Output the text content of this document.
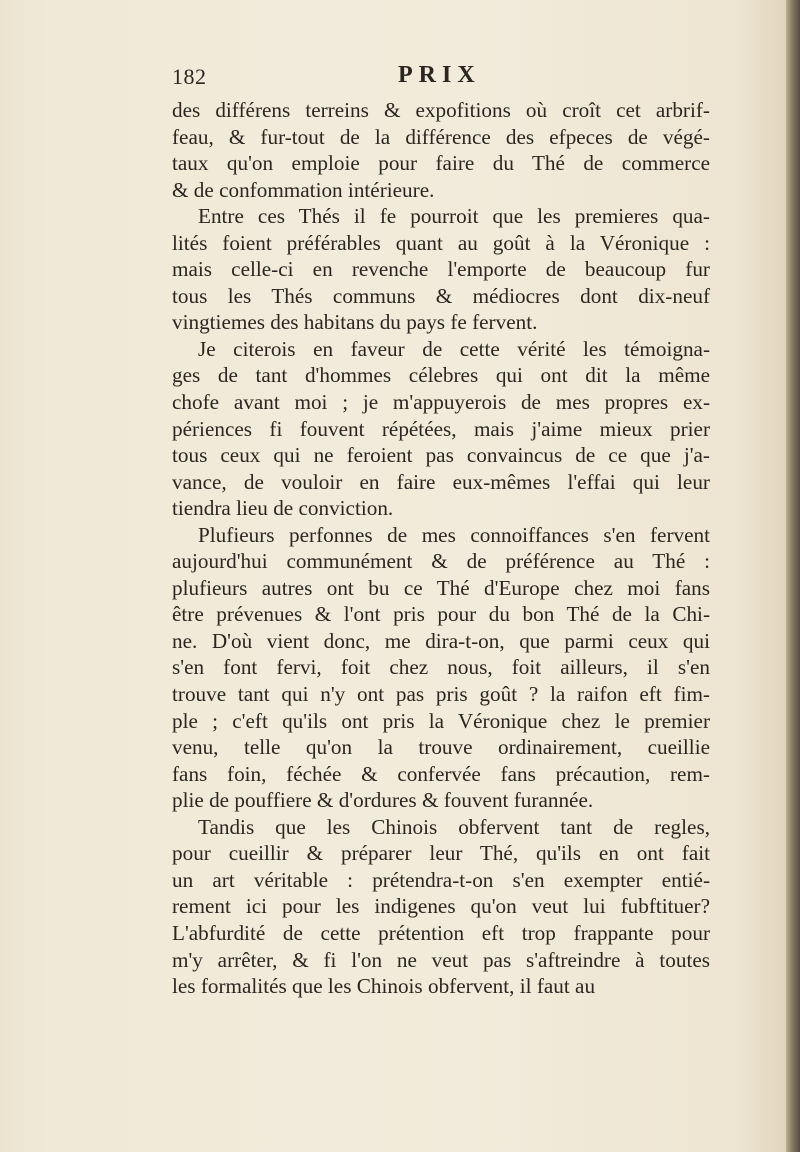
182	PRIX
des différens terreins & expofitions où croît cet arbrif-
feau, & fur-tout de la différence des efpeces de végé-
taux qu'on emploie pour faire du Thé de commerce
& de confommation intérieure.
Entre ces Thés il fe pourroit que les premieres qua-
lités foient préférables quant au goût à la Véronique :
mais celle-ci en revenche l'emporte de beaucoup fur
tous les Thés communs & médiocres dont dix-neuf
vingtiemes des habitans du pays fe fervent.
Je citerois en faveur de cette vérité les témoigna-
ges de tant d'hommes célebres qui ont dit la même
chofe avant moi ; je m'appuyerois de mes propres ex-
périences fi fouvent répétées, mais j'aime mieux prier
tous ceux qui ne feroient pas convaincus de ce que j'a-
vance, de vouloir en faire eux-mêmes l'effai qui leur
tiendra lieu de conviction.
Plufieurs perfonnes de mes connoiffances s'en fervent
aujourd'hui communément & de préférence au Thé :
plufieurs autres ont bu ce Thé d'Europe chez moi fans
être prévenues & l'ont pris pour du bon Thé de la Chi-
ne. D'où vient donc, me dira-t-on, que parmi ceux qui
s'en font fervi, foit chez nous, foit ailleurs, il s'en
trouve tant qui n'y ont pas pris goût ? la raifon eft fim-
ple ; c'eft qu'ils ont pris la Véronique chez le premier
venu, telle qu'on la trouve ordinairement, cueillie
fans foin, féchée & confervée fans précaution, rem-
plie de pouffiere & d'ordures & fouvent furannée.
Tandis que les Chinois obfervent tant de regles,
pour cueillir & préparer leur Thé, qu'ils en ont fait
un art véritable : prétendra-t-on s'en exempter entié-
rement ici pour les indigenes qu'on veut lui fubftituer?
L'abfurdité de cette prétention eft trop frappante pour
m'y arrêter, & fi l'on ne veut pas s'aftreindre à toutes
les formalités que les Chinois obfervent, il faut au
